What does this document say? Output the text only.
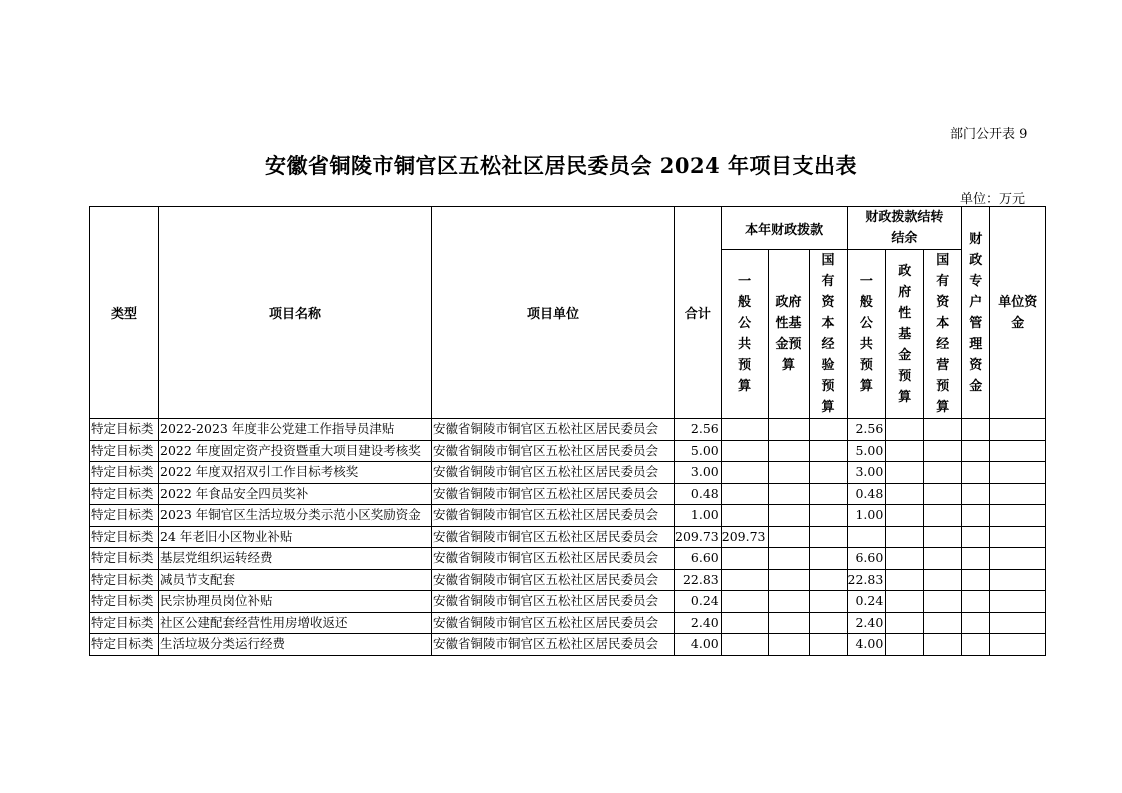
部门公开表 9
安徽省铜陵市铜官区五松社区居民委员会 2024 年项目支出表
单位：万元
类型	项目名称	项目单位	合计	本年财政拨款			财政拨款结转结余			财政专户管理资金	单位资金
				一般公共预算	政府性基金预算	国有资本经验预算	一般公共预算	政府性基金预算	国有资本经营预算		
特定目标类	2022-2023 年度非公党建工作指导员津贴	安徽省铜陵市铜官区五松社区居民委员会	2.56				2.56				
特定目标类	2022 年度固定资产投资暨重大项目建设考核奖	安徽省铜陵市铜官区五松社区居民委员会	5.00				5.00				
特定目标类	2022 年度双招双引工作目标考核奖	安徽省铜陵市铜官区五松社区居民委员会	3.00				3.00				
特定目标类	2022 年食品安全四员奖补	安徽省铜陵市铜官区五松社区居民委员会	0.48				0.48				
特定目标类	2023 年铜官区生活垃圾分类示范小区奖励资金	安徽省铜陵市铜官区五松社区居民委员会	1.00				1.00				
特定目标类	24 年老旧小区物业补贴	安徽省铜陵市铜官区五松社区居民委员会	209.73	209.73							
特定目标类	基层党组织运转经费	安徽省铜陵市铜官区五松社区居民委员会	6.60				6.60				
特定目标类	减员节支配套	安徽省铜陵市铜官区五松社区居民委员会	22.83				22.83				
特定目标类	民宗协理员岗位补贴	安徽省铜陵市铜官区五松社区居民委员会	0.24				0.24				
特定目标类	社区公建配套经营性用房增收返还	安徽省铜陵市铜官区五松社区居民委员会	2.40				2.40				
特定目标类	生活垃圾分类运行经费	安徽省铜陵市铜官区五松社区居民委员会	4.00				4.00				
